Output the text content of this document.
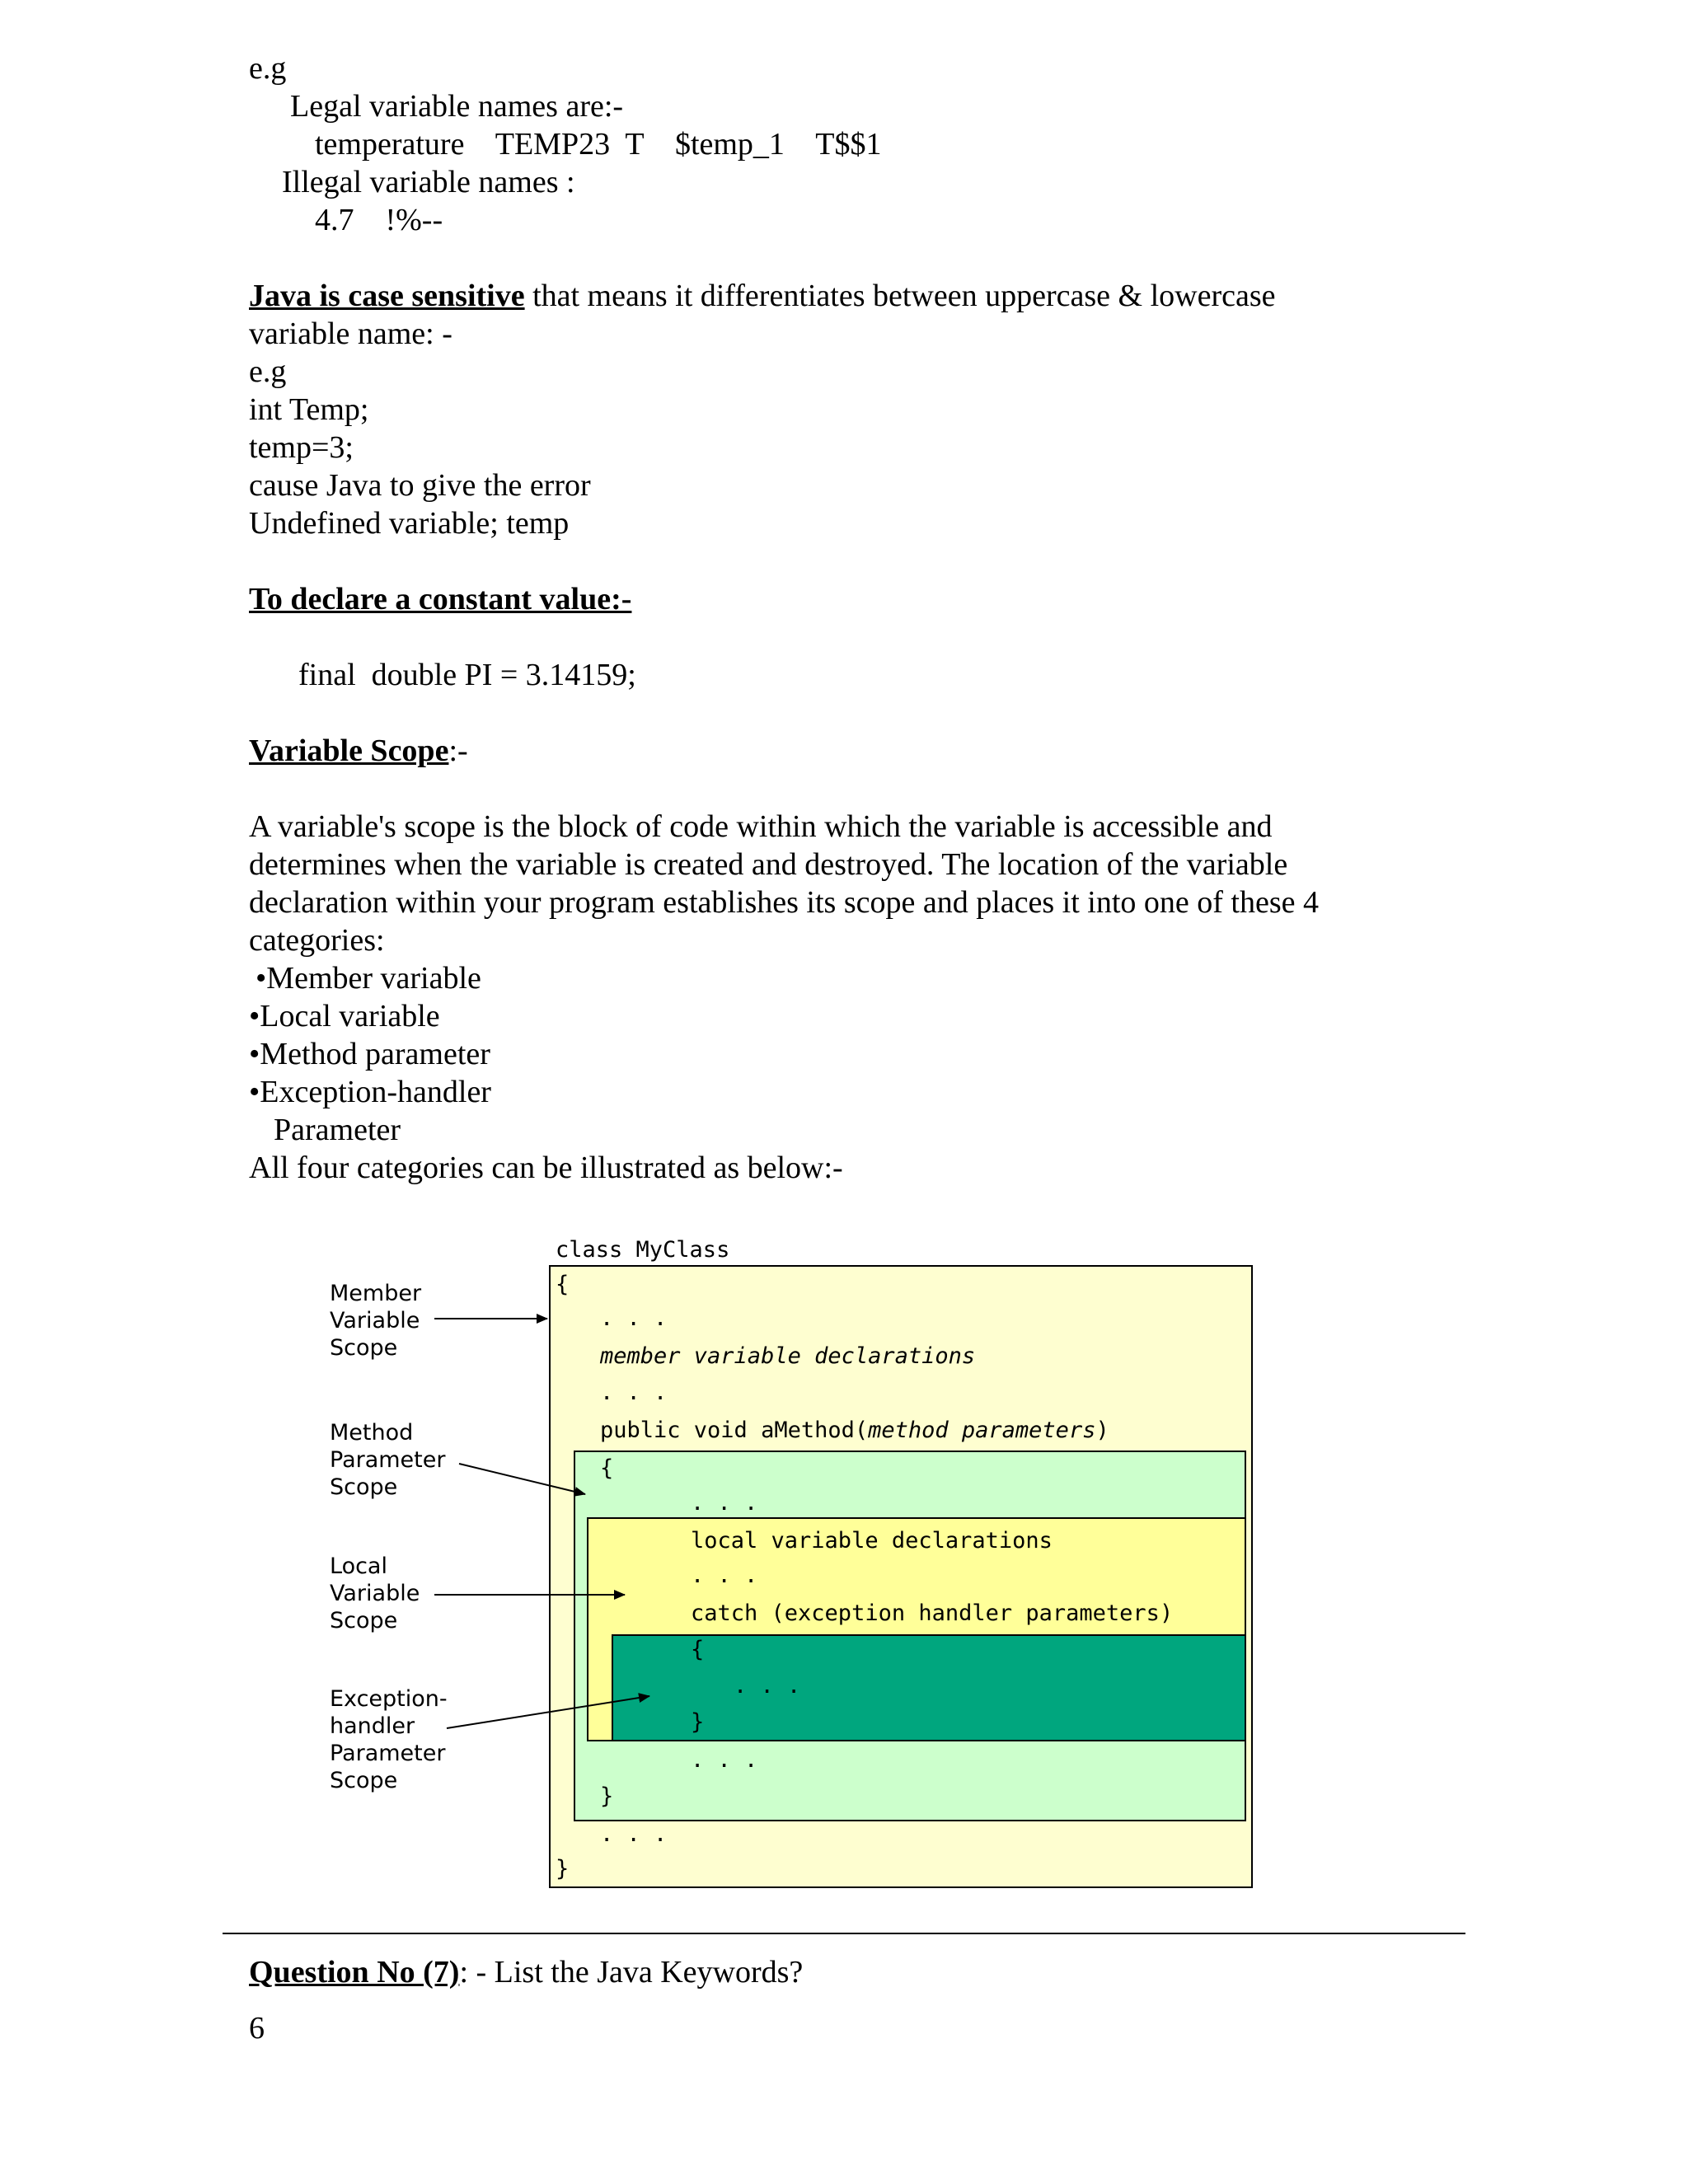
e.g
Legal variable names are:-
temperature    TEMP23  T    $temp_1    T$$1
Illegal variable names :
4.7    !%--
Java is case sensitive that means it differentiates between uppercase & lowercase
variable name: -
e.g
int Temp;
temp=3;
cause Java to give the error
Undefined variable; temp
To declare a constant value:-
final  double PI = 3.14159;
Variable Scope:-
A variable's scope is the block of code within which the variable is accessible and
determines when the variable is created and destroyed. The location of the variable
declaration within your program establishes its scope and places it into one of these 4
categories:
•Member variable
•Local variable
•Method parameter
•Exception-handler
Parameter
All four categories can be illustrated as below:-
class MyClass
{
. . .
member variable declarations
. . .
public void aMethod(method parameters)
{
. . .
local variable declarations
. . .
catch (exception handler parameters)
{
. . .
}
. . .
}
. . .
}
Member
Variable
Scope
Method
Parameter
Scope
Local
Variable
Scope
Exception-
handler
Parameter
Scope
Question No (7): - List the Java Keywords?
6
